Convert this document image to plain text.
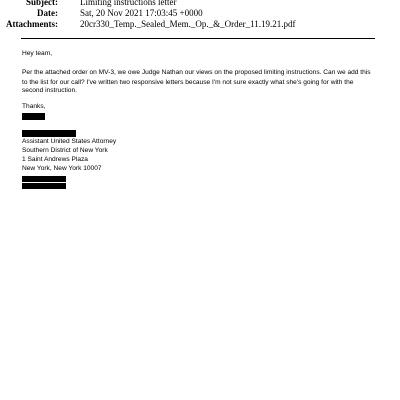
Subject: Limiting instructions letter
Date: Sat, 20 Nov 2021 17:03:45 +0000
Attachments: 20cr330_Temp._Sealed_Mem._Op._&_Order_11.19.21.pdf
Hey team,
Per the attached order on MV-3, we owe Judge Nathan our views on the proposed limiting instructions. Can we add this
to the list for our call? I've written two responsive letters because I'm not sure exactly what she's going for with the
second instruction.
Thanks,
Assistant United States Attorney
Southern District of New York
1 Saint Andrews Plaza
New York, New York 10007
